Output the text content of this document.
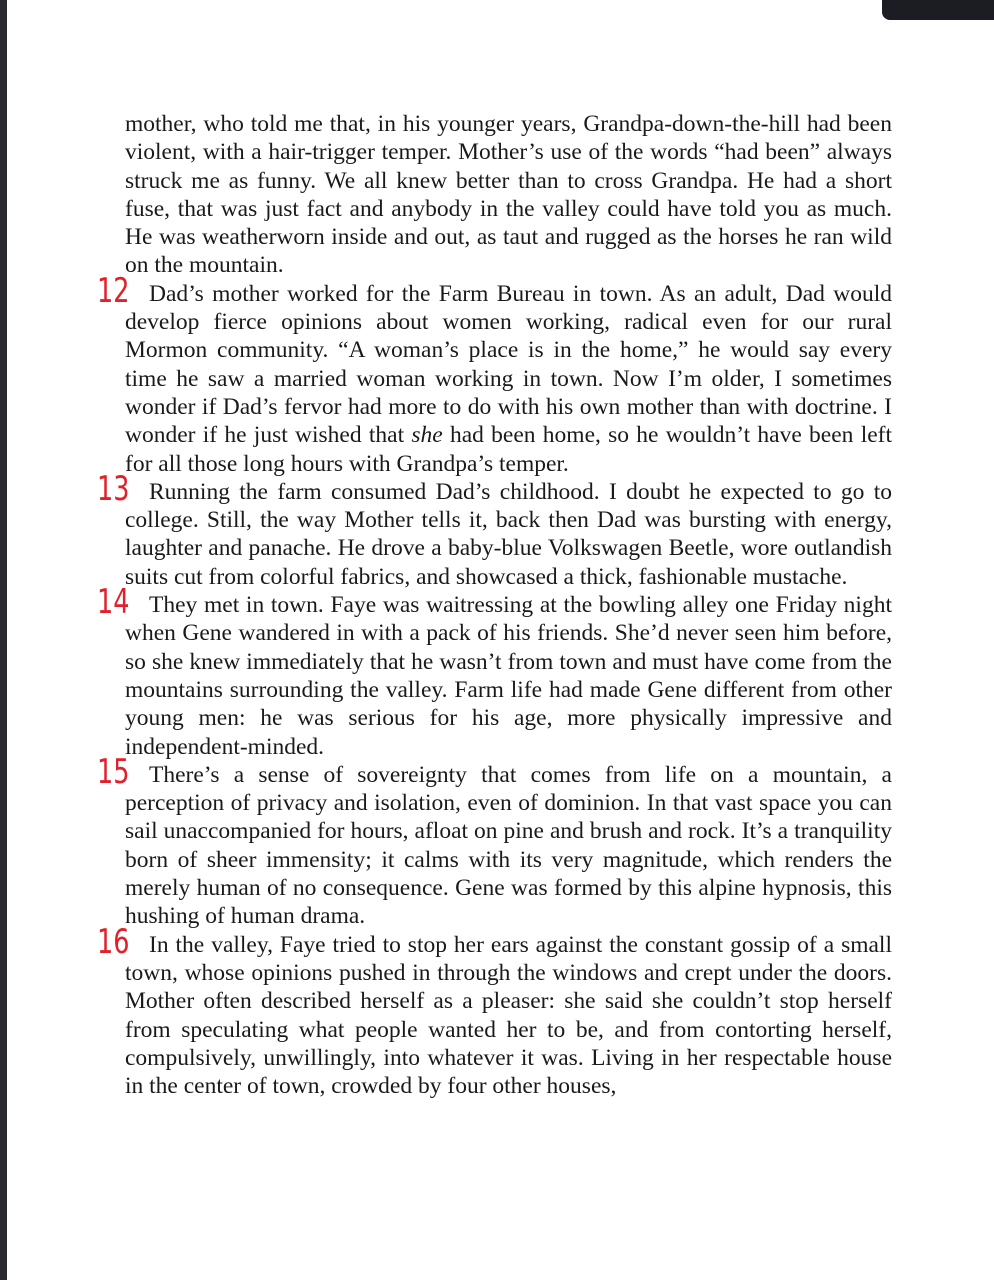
mother, who told me that, in his younger years, Grandpa-down-the-hill had been violent, with a hair-trigger temper. Mother’s use of the words “had been” always struck me as funny. We all knew better than to cross Grandpa. He had a short fuse, that was just fact and anybody in the valley could have told you as much. He was weatherworn inside and out, as taut and rugged as the horses he ran wild on the mountain.

12 Dad’s mother worked for the Farm Bureau in town. As an adult, Dad would develop fierce opinions about women working, radical even for our rural Mormon community. “A woman’s place is in the home,” he would say every time he saw a married woman working in town. Now I’m older, I sometimes wonder if Dad’s fervor had more to do with his own mother than with doctrine. I wonder if he just wished that she had been home, so he wouldn’t have been left for all those long hours with Grandpa’s temper.

13 Running the farm consumed Dad’s childhood. I doubt he expected to go to college. Still, the way Mother tells it, back then Dad was bursting with energy, laughter and panache. He drove a baby-blue Volkswagen Beetle, wore outlandish suits cut from colorful fabrics, and showcased a thick, fashionable mustache.

14 They met in town. Faye was waitressing at the bowling alley one Friday night when Gene wandered in with a pack of his friends. She’d never seen him before, so she knew immediately that he wasn’t from town and must have come from the mountains surrounding the valley. Farm life had made Gene different from other young men: he was serious for his age, more physically impressive and independent-minded.

15 There’s a sense of sovereignty that comes from life on a mountain, a perception of privacy and isolation, even of dominion. In that vast space you can sail unaccompanied for hours, afloat on pine and brush and rock. It’s a tranquility born of sheer immensity; it calms with its very magnitude, which renders the merely human of no consequence. Gene was formed by this alpine hypnosis, this hushing of human drama.

16 In the valley, Faye tried to stop her ears against the constant gossip of a small town, whose opinions pushed in through the windows and crept under the doors. Mother often described herself as a pleaser: she said she couldn’t stop herself from speculating what people wanted her to be, and from contorting herself, compulsively, unwillingly, into whatever it was. Living in her respectable house in the center of town, crowded by four other houses,
